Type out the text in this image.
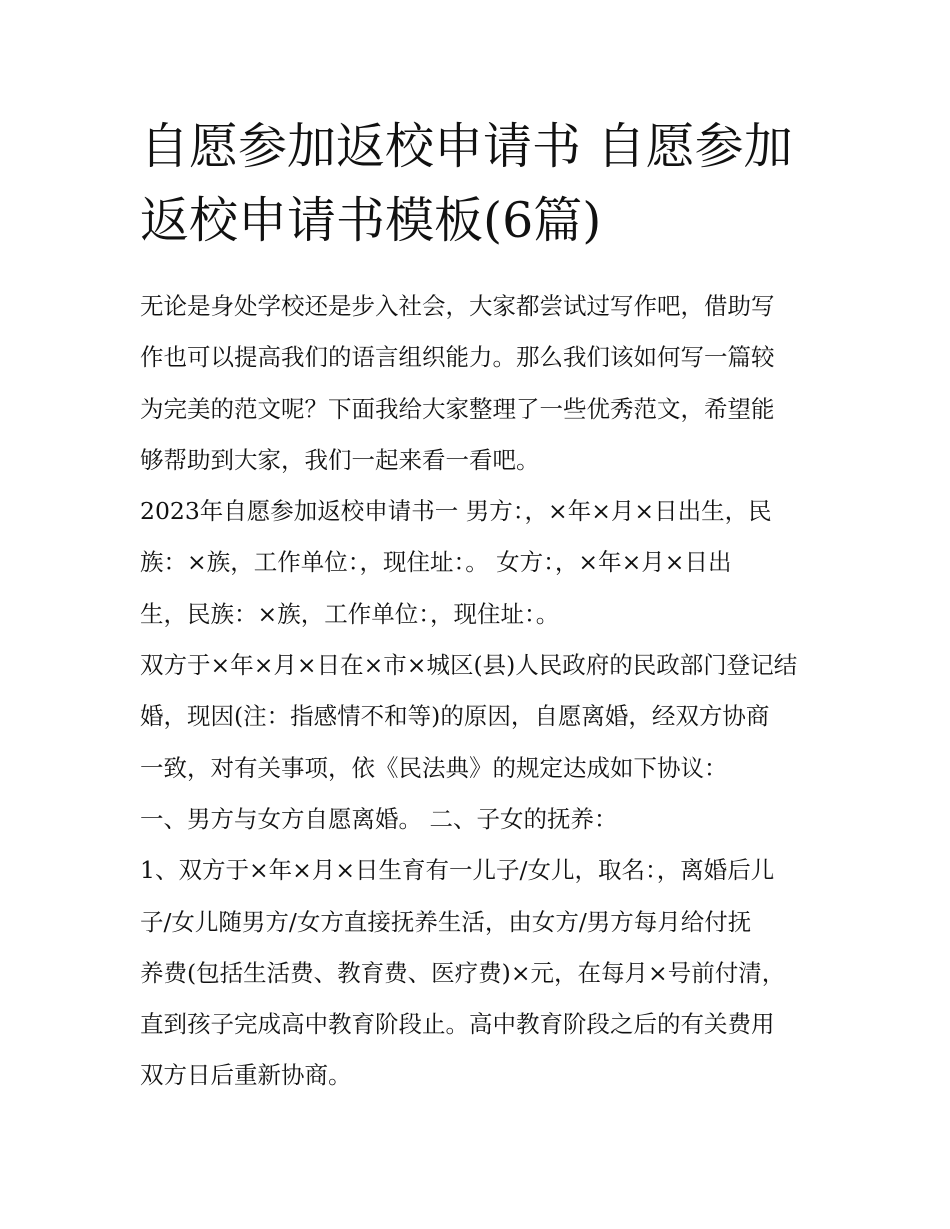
自愿参加返校申请书 自愿参加
返校申请书模板(6篇)
无论是身处学校还是步入社会，大家都尝试过写作吧，借助写
作也可以提高我们的语言组织能力。那么我们该如何写一篇较
为完美的范文呢？下面我给大家整理了一些优秀范文，希望能
够帮助到大家，我们一起来看一看吧。
2023年自愿参加返校申请书一 男方：，×年×月×日出生，民
族：×族，工作单位：，现住址：。 女方：，×年×月×日出
生，民族：×族，工作单位：，现住址：。
双方于×年×月×日在×市×城区(县)人民政府的民政部门登记结
婚，现因(注：指感情不和等)的原因，自愿离婚，经双方协商
一致，对有关事项，依《民法典》的规定达成如下协议：
一、男方与女方自愿离婚。 二、子女的抚养：
1、双方于×年×月×日生育有一儿子/女儿，取名：，离婚后儿
子/女儿随男方/女方直接抚养生活，由女方/男方每月给付抚
养费(包括生活费、教育费、医疗费)×元，在每月×号前付清，
直到孩子完成高中教育阶段止。高中教育阶段之后的有关费用
双方日后重新协商。
